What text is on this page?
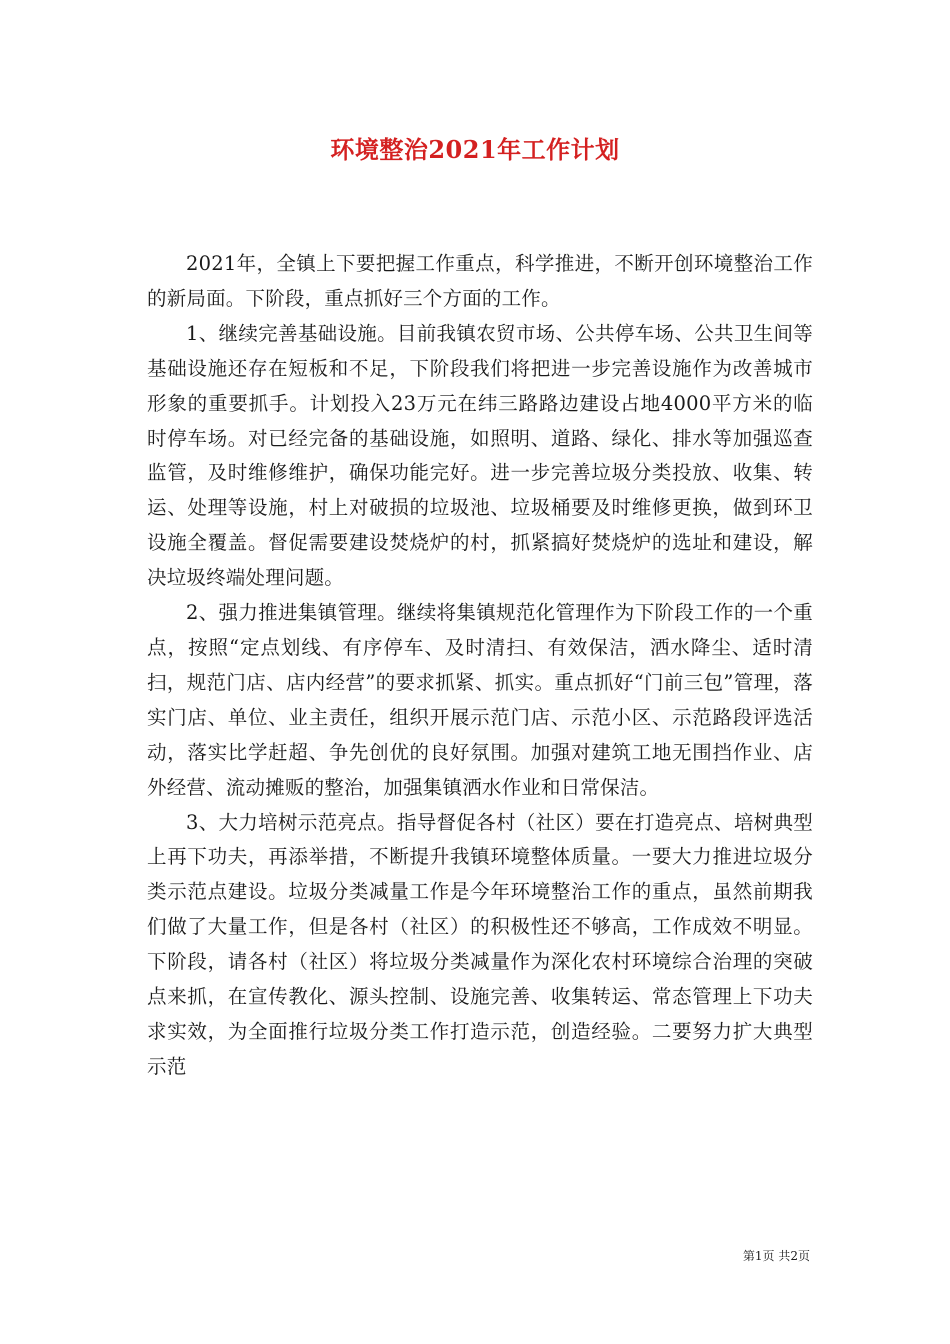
环境整治2021年工作计划

2021年，全镇上下要把握工作重点，科学推进，不断开创环境整治工作的新局面。下阶段，重点抓好三个方面的工作。

1、继续完善基础设施。目前我镇农贸市场、公共停车场、公共卫生间等基础设施还存在短板和不足，下阶段我们将把进一步完善设施作为改善城市形象的重要抓手。计划投入23万元在纬三路路边建设占地4000平方米的临时停车场。对已经完备的基础设施，如照明、道路、绿化、排水等加强巡查监管，及时维修维护，确保功能完好。进一步完善垃圾分类投放、收集、转运、处理等设施，村上对破损的垃圾池、垃圾桶要及时维修更换，做到环卫设施全覆盖。督促需要建设焚烧炉的村，抓紧搞好焚烧炉的选址和建设，解决垃圾终端处理问题。

2、强力推进集镇管理。继续将集镇规范化管理作为下阶段工作的一个重点，按照“定点划线、有序停车、及时清扫、有效保洁，洒水降尘、适时清扫，规范门店、店内经营”的要求抓紧、抓实。重点抓好“门前三包”管理，落实门店、单位、业主责任，组织开展示范门店、示范小区、示范路段评选活动，落实比学赶超、争先创优的良好氛围。加强对建筑工地无围挡作业、店外经营、流动摊贩的整治，加强集镇洒水作业和日常保洁。

3、大力培树示范亮点。指导督促各村（社区）要在打造亮点、培树典型上再下功夫，再添举措，不断提升我镇环境整体质量。一要大力推进垃圾分类示范点建设。垃圾分类减量工作是今年环境整治工作的重点，虽然前期我们做了大量工作，但是各村（社区）的积极性还不够高，工作成效不明显。下阶段，请各村（社区）将垃圾分类减量作为深化农村环境综合治理的突破点来抓，在宣传教化、源头控制、设施完善、收集转运、常态管理上下功夫求实效，为全面推行垃圾分类工作打造示范，创造经验。二要努力扩大典型示范

第1页 共2页
